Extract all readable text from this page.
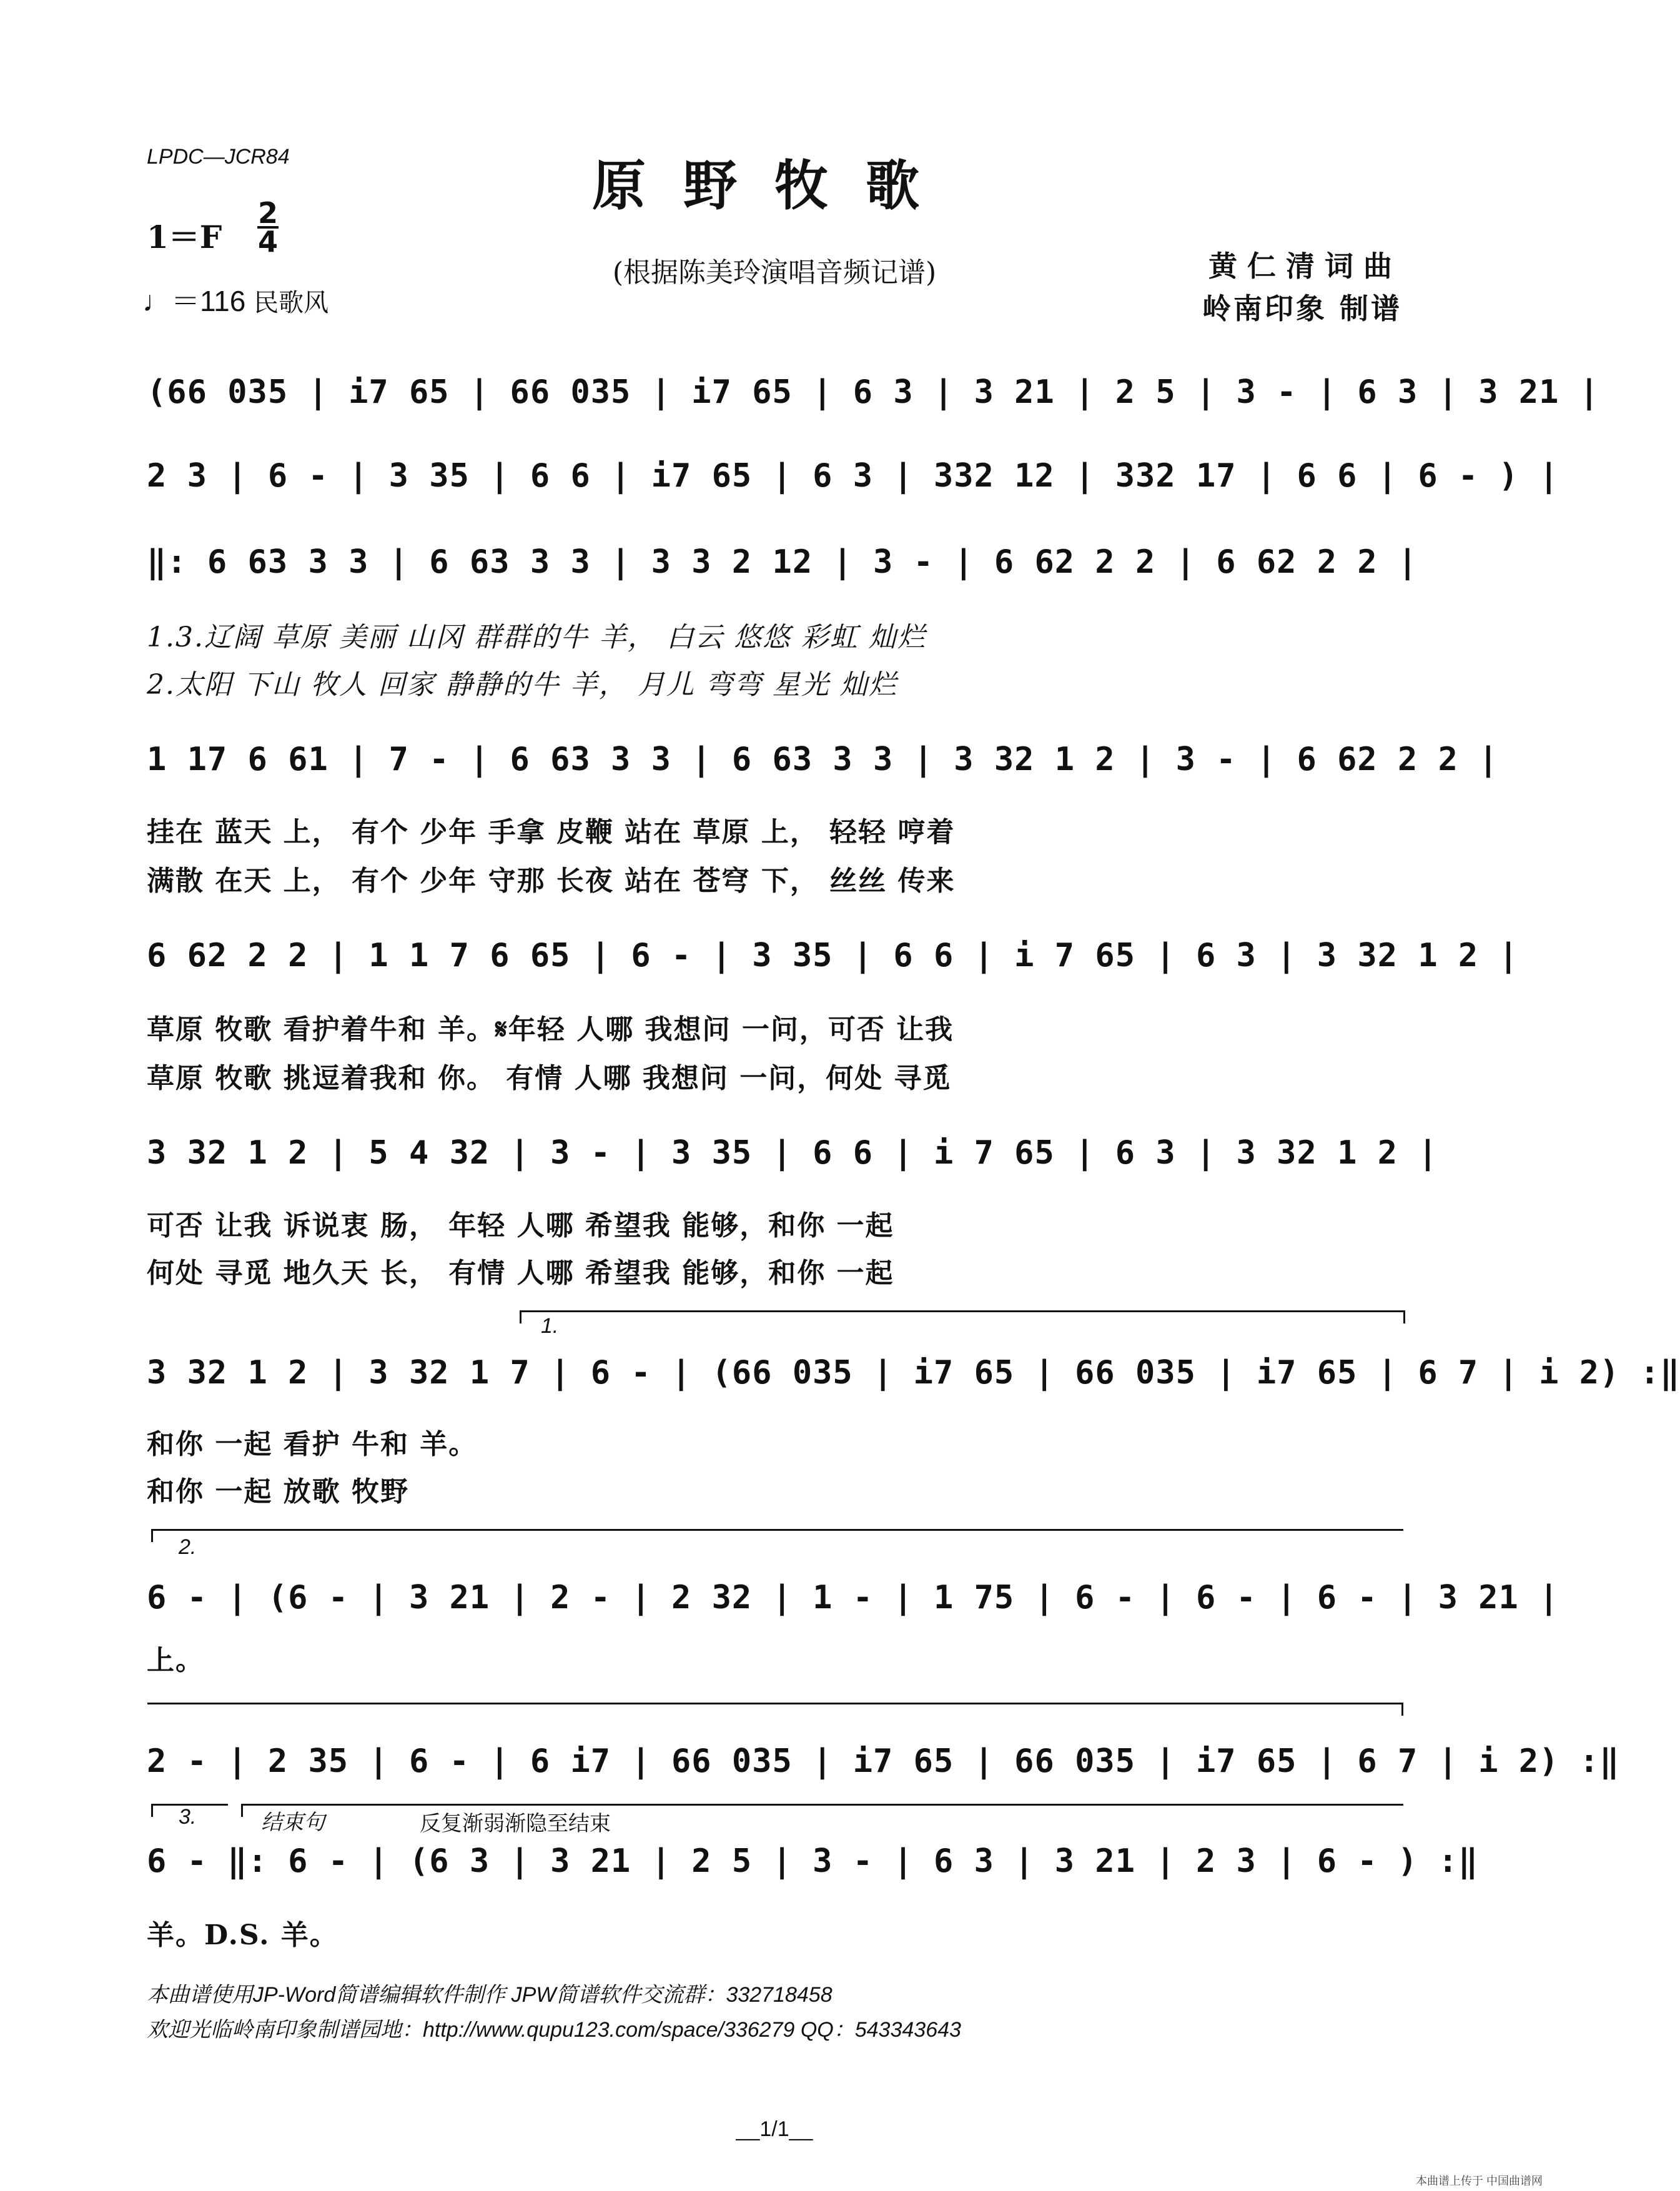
LPDC—JCR84	原野牧歌
(根据陈美玲演唱音频记谱)
1＝F
2
4
♩＝116 民歌风
黄仁清词曲
岭南印象 制谱
(66 035 | i7 65 | 66 035 | i7 65 | 6 3 | 3 21 | 2 5 | 3 - | 6 3 | 3 21 |
2 3 | 6 - | 3 35 | 6 6 | i7 65 | 6 3 | 332 12 | 332 17 | 6 6 | 6 - ) |
‖: 6 63 3 3 | 6 63 3 3 | 3 3 2 12 | 3 - | 6 62 2 2 | 6 62 2 2 |
1.3.辽阔 草原 美丽 山冈 群群的牛 羊， 白云 悠悠 彩虹 灿烂
2.太阳 下山 牧人 回家 静静的牛 羊， 月儿 弯弯 星光 灿烂
1 17 6 61 | 7 - | 6 63 3 3 | 6 63 3 3 | 3 32 1 2 | 3 - | 6 62 2 2 |
挂在 蓝天 上， 有个 少年 手拿 皮鞭 站在 草原 上， 轻轻 哼着
满散 在天 上， 有个 少年 守那 长夜 站在 苍穹 下， 丝丝 传来
6 62 2 2 | 1 1 7 6 65 | 6 - | 3 35 | 6 6 | i 7 65 | 6 3 | 3 32 1 2 |
草原 牧歌 看护着牛和 羊。𝄋年轻 人哪 我想问 一问，可否 让我
草原 牧歌 挑逗着我和 你。 有情 人哪 我想问 一问，何处 寻觅
3 32 1 2 | 5 4 32 | 3 - | 3 35 | 6 6 | i 7 65 | 6 3 | 3 32 1 2 |
可否 让我 诉说衷 肠， 年轻 人哪 希望我 能够，和你 一起
何处 寻觅 地久天 长， 有情 人哪 希望我 能够，和你 一起
1.
3 32 1 2 | 3 32 1 7 | 6 - | (66 035 | i7 65 | 66 035 | i7 65 | 6 7 | i 2) :‖
和你 一起 看护 牛和 羊。
和你 一起 放歌 牧野
2.
6 - | (6 - | 3 21 | 2 - | 2 32 | 1 - | 1 75 | 6 - | 6 - | 6 - | 3 21 |
上。
2 - | 2 35 | 6 - | 6 i7 | 66 035 | i7 65 | 66 035 | i7 65 | 6 7 | i 2) :‖
3.	结束句	反复渐弱渐隐至结束
6 - ‖: 6 - | (6 3 | 3 21 | 2 5 | 3 - | 6 3 | 3 21 | 2 3 | 6 - ) :‖
羊。D.S. 羊。
本曲谱使用JP-Word简谱编辑软件制作 JPW简谱软件交流群：332718458
欢迎光临岭南印象制谱园地：http://www.qupu123.com/space/336279 QQ：543343643
__1/1__
本曲谱上传于 中国曲谱网
